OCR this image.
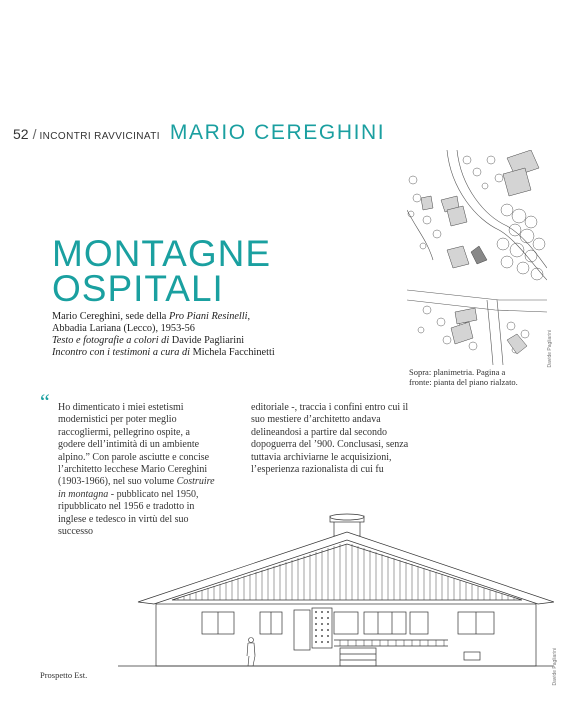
52 / INCONTRI RAVVICINATI MARIO CEREGHINI
Davide Pagliarini
MONTAGNE
OSPITALI
Mario Cereghini, sede della Pro Piani Resinelli,
Abbadia Lariana (Lecco), 1953-56
Testo e fotografie a colori di Davide Pagliarini
Incontro con i testimoni a cura di Michela Facchinetti
Sopra: planimetria. Pagina a fronte: pianta del piano rialzato.
“ Ho dimenticato i miei estetismi modernistici per poter meglio raccogliermi, pellegrino ospite, a godere dell’intimità di un ambiente alpino.” Con parole asciutte e concise l’architetto lecchese Mario Cereghini (1903-1966), nel suo volume Costruire in montagna - pubblicato nel 1950, ripubblicato nel 1956 e tradotto in inglese e tedesco in virtù del suo successo
editoriale -, traccia i confini entro cui il suo mestiere d’architetto andava delineandosi a partire dal secondo dopoguerra del ’900. Conclusasi, senza tuttavia archiviarne le acquisizioni, l’esperienza razionalista di cui fu
Davide Pagliarini
Prospetto Est.
